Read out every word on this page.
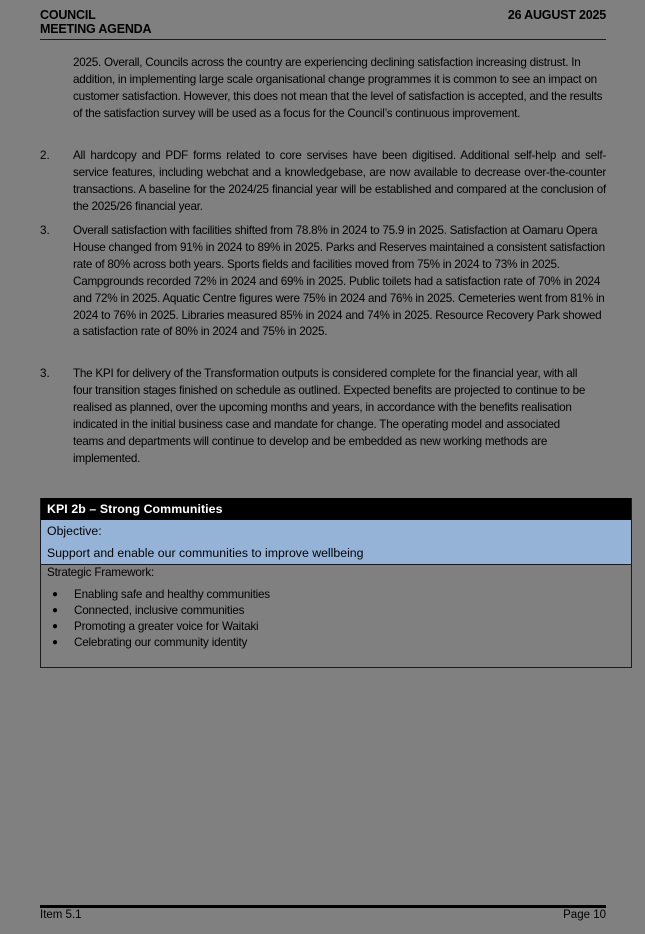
COUNCIL
MEETING AGENDA
26 AUGUST 2025
2025. Overall, Councils across the country are experiencing declining satisfaction increasing distrust. In addition, in implementing large scale organisational change programmes it is common to see an impact on customer satisfaction. However, this does not mean that the level of satisfaction is accepted, and the results of the satisfaction survey will be used as a focus for the Council’s continuous improvement.
2. All hardcopy and PDF forms related to core servises have been digitised. Additional self-help and self-service features, including webchat and a knowledgebase, are now available to decrease over-the-counter transactions. A baseline for the 2024/25 financial year will be established and compared at the conclusion of the 2025/26 financial year.
3. Overall satisfaction with facilities shifted from 78.8% in 2024 to 75.9 in 2025. Satisfaction at Oamaru Opera House changed from 91% in 2024 to 89% in 2025. Parks and Reserves maintained a consistent satisfaction rate of 80% across both years. Sports fields and facilities moved from 75% in 2024 to 73% in 2025. Campgrounds recorded 72% in 2024 and 69% in 2025. Public toilets had a satisfaction rate of 70% in 2024 and 72% in 2025. Aquatic Centre figures were 75% in 2024 and 76% in 2025. Cemeteries went from 81% in 2024 to 76% in 2025. Libraries measured 85% in 2024 and 74% in 2025. Resource Recovery Park showed a satisfaction rate of 80% in 2024 and 75% in 2025.
3. The KPI for delivery of the Transformation outputs is considered complete for the financial year, with all four transition stages finished on schedule as outlined. Expected benefits are projected to continue to be realised as planned, over the upcoming months and years, in accordance with the benefits realisation indicated in the initial business case and mandate for change. The operating model and associated teams and departments will continue to develop and be embedded as new working methods are implemented.
KPI 2b – Strong Communities
Objective:
Support and enable our communities to improve wellbeing

Strategic Framework:
● Enabling safe and healthy communities
● Connected, inclusive communities
● Promoting a greater voice for Waitaki
● Celebrating our community identity
Item 5.1	Page 10
